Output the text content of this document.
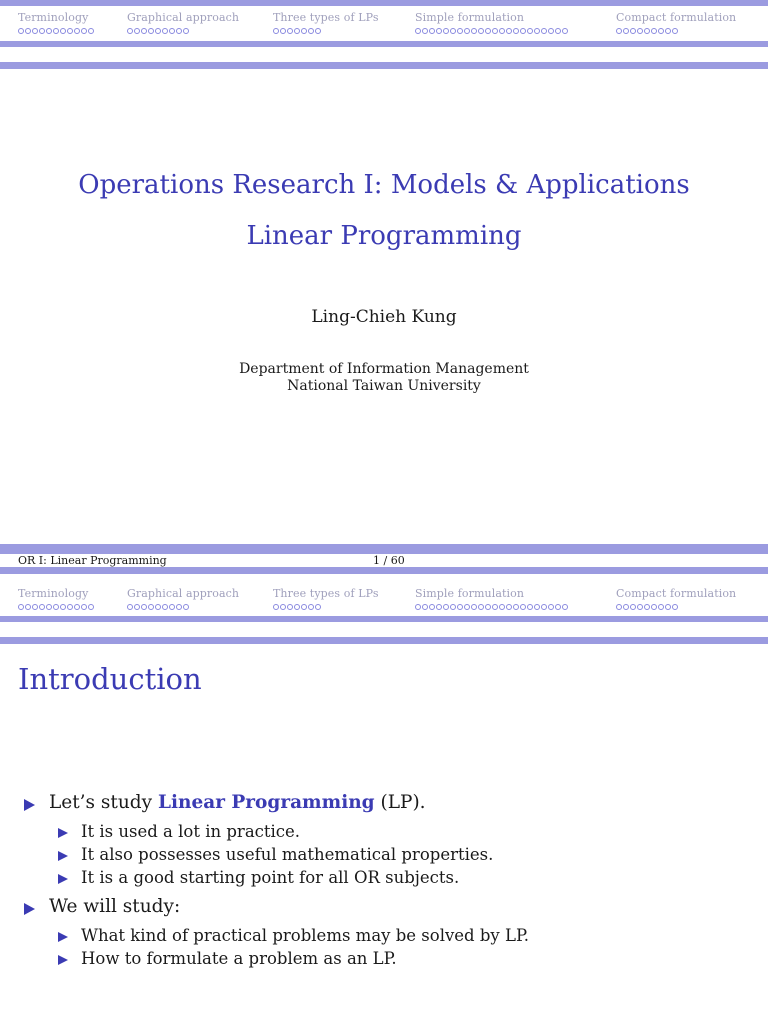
Terminology	Graphical approach	Three types of LPs	Simple formulation	Compact formulation
Operations Research I: Models & Applications
Linear Programming
Ling-Chieh Kung
Department of Information Management
National Taiwan University
OR I: Linear Programming	1 / 60
Terminology	Graphical approach	Three types of LPs	Simple formulation	Compact formulation
Introduction
Let’s study Linear Programming (LP).
It is used a lot in practice.
It also possesses useful mathematical properties.
It is a good starting point for all OR subjects.
We will study:
What kind of practical problems may be solved by LP.
How to formulate a problem as an LP.
